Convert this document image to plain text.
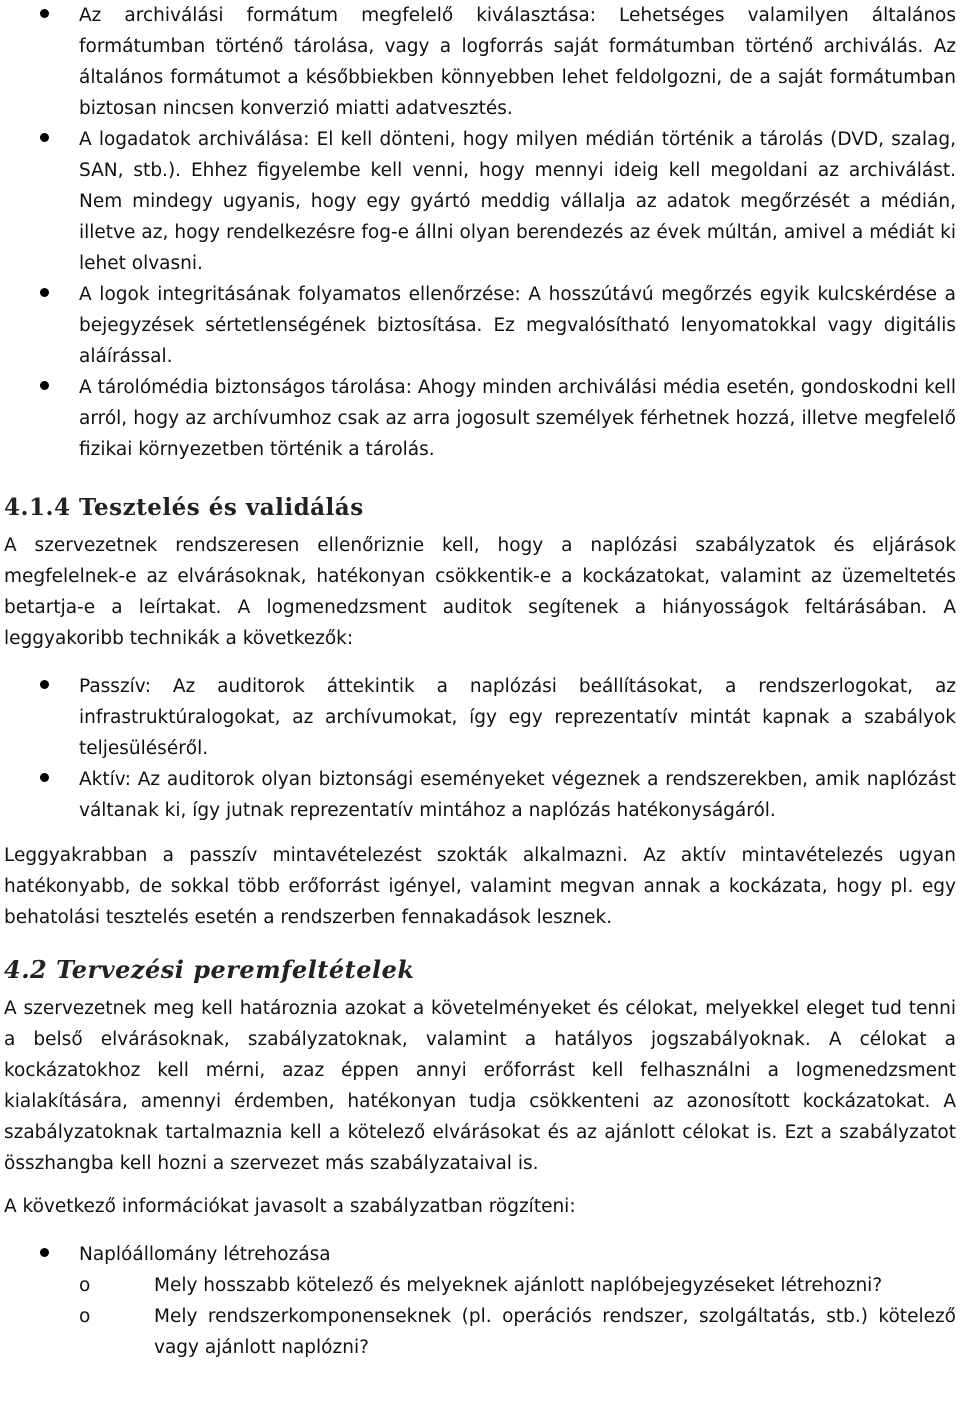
Az archiválási formátum megfelelő kiválasztása: Lehetséges valamilyen általános formátumban történő tárolása, vagy a logforrás saját formátumban történő archiválás. Az általános formátumot a későbbiekben könnyebben lehet feldolgozni, de a saját formátumban biztosan nincsen konverzió miatti adatvesztés.
A logadatok archiválása: El kell dönteni, hogy milyen médián történik a tárolás (DVD, szalag, SAN, stb.). Ehhez figyelembe kell venni, hogy mennyi ideig kell megoldani az archiválást. Nem mindegy ugyanis, hogy egy gyártó meddig vállalja az adatok megőrzését a médián, illetve az, hogy rendelkezésre fog-e állni olyan berendezés az évek múltán, amivel a médiát ki lehet olvasni.
A logok integritásának folyamatos ellenőrzése: A hosszútávú megőrzés egyik kulcskérdése a bejegyzések sértetlenségének biztosítása. Ez megvalósítható lenyomatokkal vagy digitális aláírással.
A tárolómédia biztonságos tárolása: Ahogy minden archiválási média esetén, gondoskodni kell arról, hogy az archívumhoz csak az arra jogosult személyek férhetnek hozzá, illetve megfelelő fizikai környezetben történik a tárolás.
4.1.4 Tesztelés és validálás

A szervezetnek rendszeresen ellenőriznie kell, hogy a naplózási szabályzatok és eljárások megfelelnek-e az elvárásoknak, hatékonyan csökkentik-e a kockázatokat, valamint az üzemeltetés betartja-e a leírtakat. A logmenedzsment auditok segítenek a hiányosságok feltárásában. A leggyakoribb technikák a következők:

Passzív: Az auditorok áttekintik a naplózási beállításokat, a rendszerlogokat, az infrastruktúralogokat, az archívumokat, így egy reprezentatív mintát kapnak a szabályok teljesüléséről.
Aktív: Az auditorok olyan biztonsági eseményeket végeznek a rendszerekben, amik naplózást váltanak ki, így jutnak reprezentatív mintához a naplózás hatékonyságáról.

Leggyakrabban a passzív mintavételezést szokták alkalmazni. Az aktív mintavételezés ugyan hatékonyabb, de sokkal több erőforrást igényel, valamint megvan annak a kockázata, hogy pl. egy behatolási tesztelés esetén a rendszerben fennakadások lesznek.

4.2 Tervezési peremfeltételek

A szervezetnek meg kell határoznia azokat a követelményeket és célokat, melyekkel eleget tud tenni a belső elvárásoknak, szabályzatoknak, valamint a hatályos jogszabályoknak. A célokat a kockázatokhoz kell mérni, azaz éppen annyi erőforrást kell felhasználni a logmenedzsment kialakítására, amennyi érdemben, hatékonyan tudja csökkenteni az azonosított kockázatokat. A szabályzatoknak tartalmaznia kell a kötelező elvárásokat és az ajánlott célokat is. Ezt a szabályzatot összhangba kell hozni a szervezet más szabályzataival is.

A következő információkat javasolt a szabályzatban rögzíteni:

Naplóállomány létrehozása
o	Mely hosszabb kötelező és melyeknek ajánlott naplóbejegyzéseket létrehozni?
o	Mely rendszerkomponenseknek (pl. operációs rendszer, szolgáltatás, stb.) kötelező vagy ajánlott naplózni?
